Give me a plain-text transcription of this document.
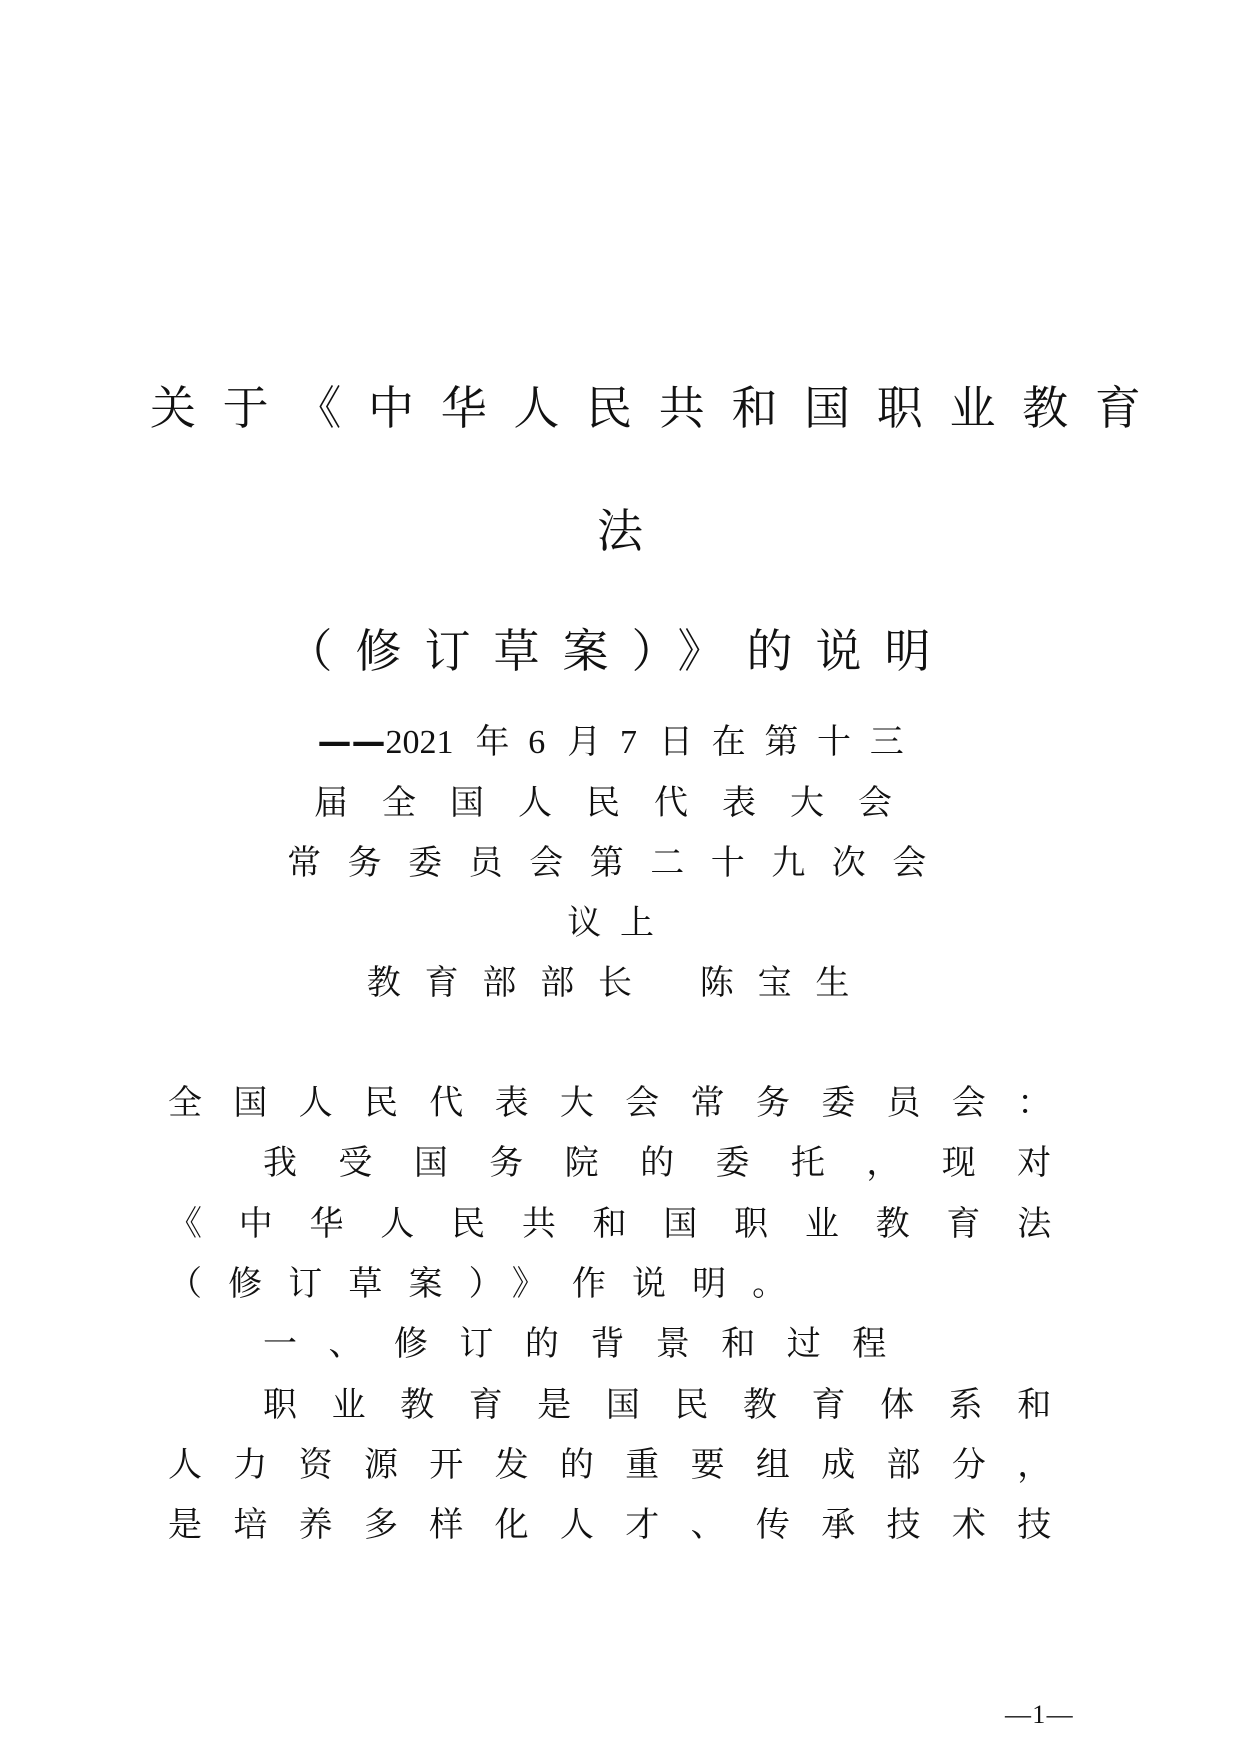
关于《中华人民共和国职业教育
法
（修订草案）》的说明
——2021 年6 月7 日在第十三
届全国人民代表大会
常务委员会第二十九次会
议上
教育部部长 陈宝生
全国人民代表大会常务委员会：
我受国务院的委托，现对
《中华人民共和国职业教育法
（修订草案）》作说明。
一、修订的背景和过程
职业教育是国民教育体系和
人力资源开发的重要组成部分，
是培养多样化人才、传承技术技
—1—
